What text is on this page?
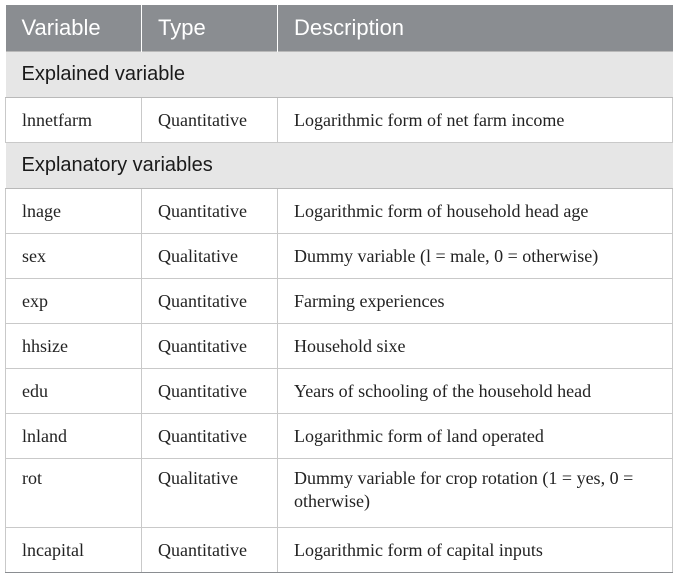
Variable	Type	Description
Explained variable		
lnnetfarm	Quantitative	Logarithmic form of net farm income
Explanatory variables		
lnage	Quantitative	Logarithmic form of household head age
sex	Qualitative	Dummy variable (l = male, 0 = otherwise)
exp	Quantitative	Farming experiences
hhsize	Quantitative	Household sixe
edu	Quantitative	Years of schooling of the household head
lnland	Quantitative	Logarithmic form of land operated
rot	Qualitative	Dummy variable for crop rotation (1 = yes, 0 = otherwise)
lncapital	Quantitative	Logarithmic form of capital inputs
